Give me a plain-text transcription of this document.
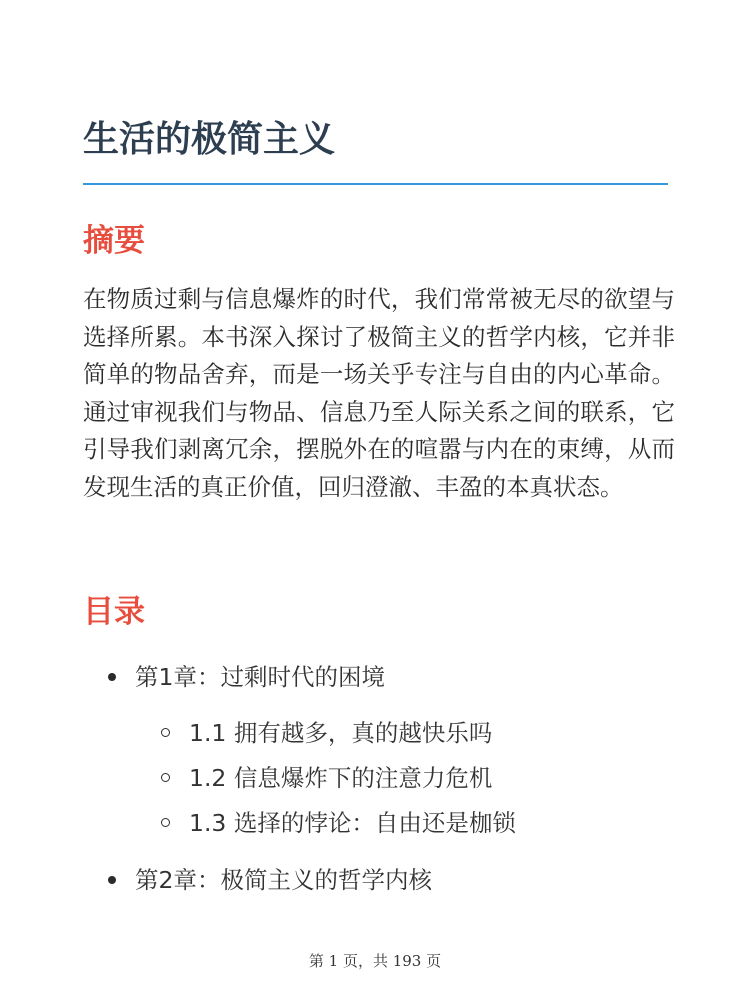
生活的极简主义
摘要

在物质过剩与信息爆炸的时代，我们常常被无尽的欲望与选择所累。本书深入探讨了极简主义的哲学内核，它并非简单的物品舍弃，而是一场关乎专注与自由的内心革命。通过审视我们与物品、信息乃至人际关系之间的联系，它引导我们剥离冗余，摆脱外在的喧嚣与内在的束缚，从而发现生活的真正价值，回归澄澈、丰盈的本真状态。

目录
第1章：过剩时代的困境
1.1 拥有越多，真的越快乐吗
1.2 信息爆炸下的注意力危机
1.3 选择的悖论：自由还是枷锁
第2章：极简主义的哲学内核
第 1 页，共 193 页
